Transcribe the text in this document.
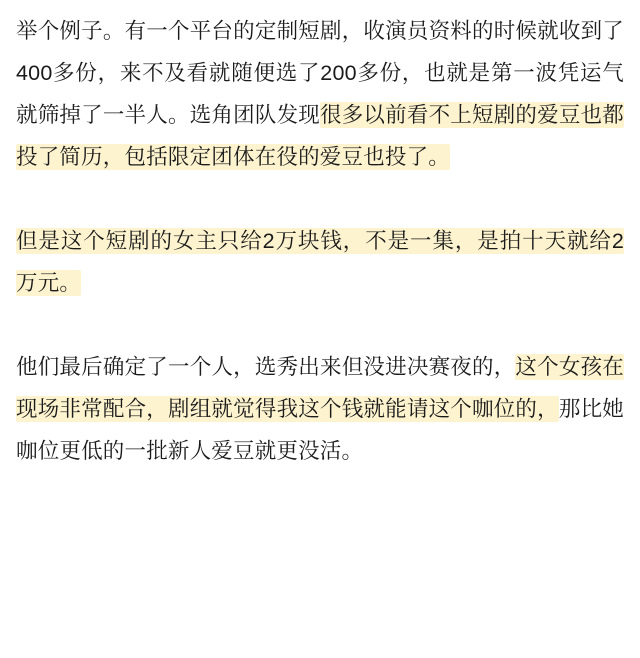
举个例子。有一个平台的定制短剧，收演员资料的时候就收到了400多份，来不及看就随便选了200多份，也就是第一波凭运气就筛掉了一半人。选角团队发现很多以前看不上短剧的爱豆也都投了简历，包括限定团体在役的爱豆也投了。

但是这个短剧的女主只给2万块钱，不是一集，是拍十天就给2万元。

他们最后确定了一个人，选秀出来但没进决赛夜的，这个女孩在现场非常配合，剧组就觉得我这个钱就能请这个咖位的，那比她咖位更低的一批新人爱豆就更没活。
